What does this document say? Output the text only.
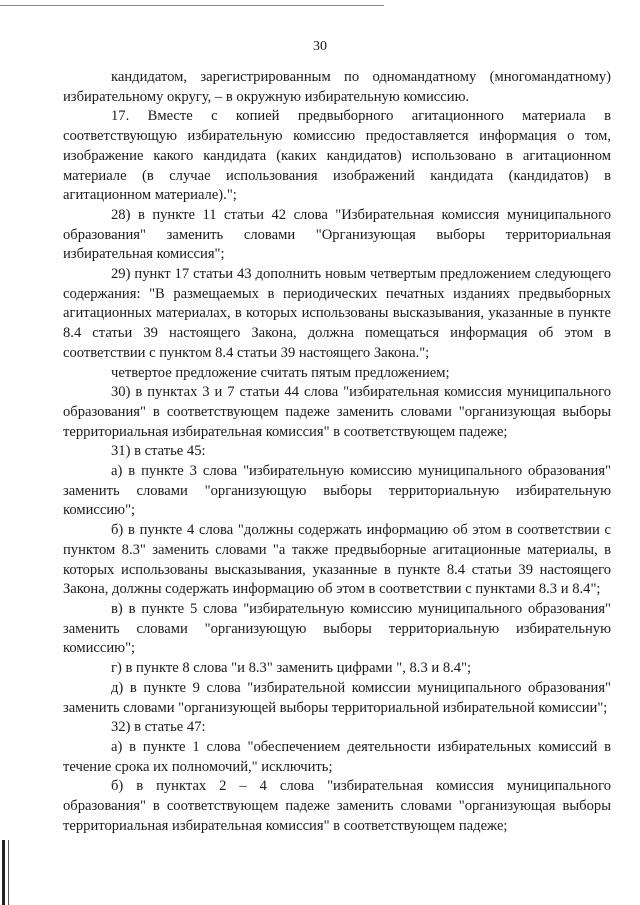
30

кандидатом, зарегистрированным по одномандатному (многомандатному) избирательному округу, – в окружную избирательную комиссию.

17. Вместе с копией предвыборного агитационного материала в соответствующую избирательную комиссию предоставляется информация о том, изображение какого кандидата (каких кандидатов) использовано в агитационном материале (в случае использования изображений кандидата (кандидатов) в агитационном материале).";

28) в пункте 11 статьи 42 слова "Избирательная комиссия муниципального образования" заменить словами "Организующая выборы территориальная избирательная комиссия";

29) пункт 17 статьи 43 дополнить новым четвертым предложением следующего содержания: "В размещаемых в периодических печатных изданиях предвыборных агитационных материалах, в которых использованы высказывания, указанные в пункте 8.4 статьи 39 настоящего Закона, должна помещаться информация об этом в соответствии с пунктом 8.4 статьи 39 настоящего Закона.";

четвертое предложение считать пятым предложением;

30) в пунктах 3 и 7 статьи 44 слова "избирательная комиссия муниципального образования" в соответствующем падеже заменить словами "организующая выборы территориальная избирательная комиссия" в соответствующем падеже;

31) в статье 45:

а) в пункте 3 слова "избирательную комиссию муниципального образования" заменить словами "организующую выборы территориальную избирательную комиссию";

б) в пункте 4 слова "должны содержать информацию об этом в соответствии с пунктом 8.3" заменить словами "а также предвыборные агитационные материалы, в которых использованы высказывания, указанные в пункте 8.4 статьи 39 настоящего Закона, должны содержать информацию об этом в соответствии с пунктами 8.3 и 8.4";

в) в пункте 5 слова "избирательную комиссию муниципального образования" заменить словами "организующую выборы территориальную избирательную комиссию";

г) в пункте 8 слова "и 8.3" заменить цифрами ", 8.3 и 8.4";

д) в пункте 9 слова "избирательной комиссии муниципального образования" заменить словами "организующей выборы территориальной избирательной комиссии";

32) в статье 47:

а) в пункте 1 слова "обеспечением деятельности избирательных комиссий в течение срока их полномочий," исключить;

б) в пунктах 2 – 4 слова "избирательная комиссия муниципального образования" в соответствующем падеже заменить словами "организующая выборы территориальная избирательная комиссия" в соответствующем падеже;
